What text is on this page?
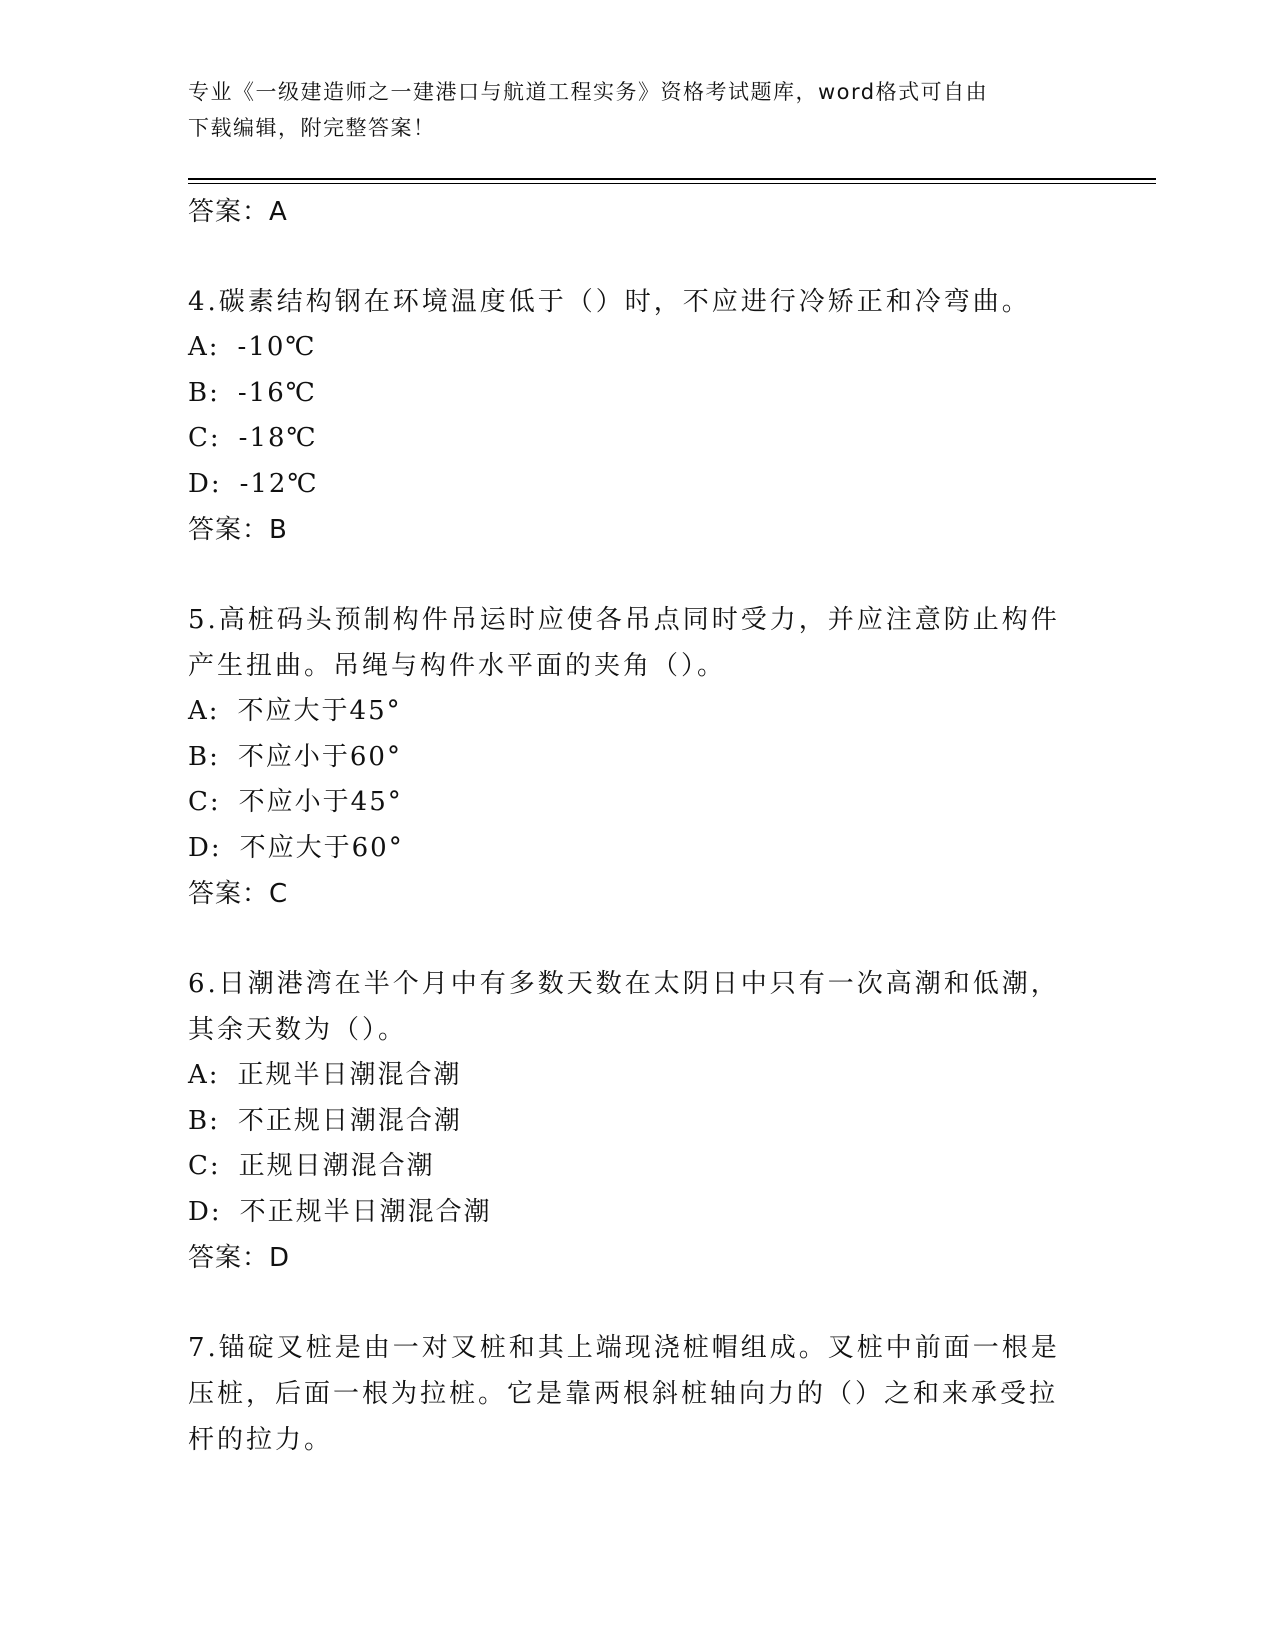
专业《一级建造师之一建港口与航道工程实务》资格考试题库，word格式可自由
下载编辑，附完整答案！
答案：A
4.碳素结构钢在环境温度低于（）时，不应进行冷矫正和冷弯曲。
A: -10℃
B: -16℃
C: -18℃
D: -12℃
答案：B
5.高桩码头预制构件吊运时应使各吊点同时受力，并应注意防止构件
产生扭曲。吊绳与构件水平面的夹角（）。
A: 不应大于45°
B: 不应小于60°
C: 不应小于45°
D: 不应大于60°
答案：C
6.日潮港湾在半个月中有多数天数在太阴日中只有一次高潮和低潮，
其余天数为（）。
A: 正规半日潮混合潮
B: 不正规日潮混合潮
C: 正规日潮混合潮
D: 不正规半日潮混合潮
答案：D
7.锚碇叉桩是由一对叉桩和其上端现浇桩帽组成。叉桩中前面一根是
压桩，后面一根为拉桩。它是靠两根斜桩轴向力的（）之和来承受拉
杆的拉力。
